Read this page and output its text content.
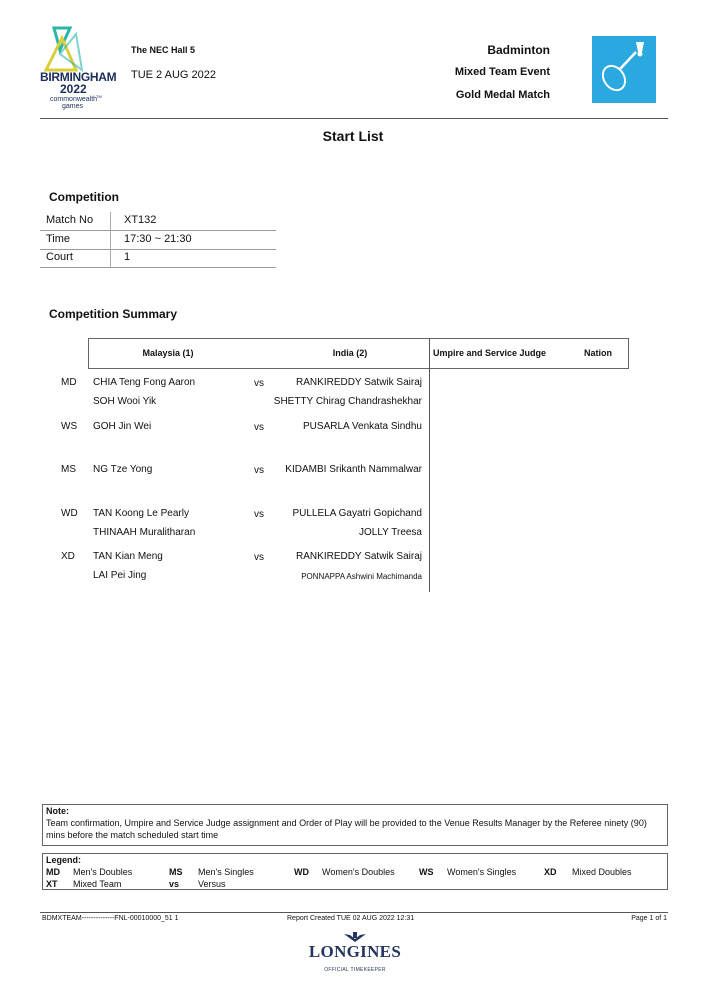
BIRMINGHAM
2022
commonwealth
games
TM
The NEC Hall 5
TUE 2 AUG 2022
Badminton
Mixed Team Event
Gold Medal Match
Start List
Competition
Match No	XT132
Time	17:30 ~ 21:30
Court	1
Competition Summary
Malaysia (1)	India (2)	Umpire and Service Judge	Nation
MD CHIA Teng Fong Aaron	vs	RANKIREDDY Satwik Sairaj
SOH Wooi Yik	SHETTY Chirag Chandrashekhar
WS GOH Jin Wei	vs	PUSARLA Venkata Sindhu
MS NG Tze Yong	vs	KIDAMBI Srikanth Nammalwar
WD TAN Koong Le Pearly	vs	PULLELA Gayatri Gopichand
THINAAH Muralitharan	JOLLY Treesa
XD TAN Kian Meng	vs	RANKIREDDY Satwik Sairaj
LAI Pei Jing	PONNAPPA Ashwini Machimanda
Note:
Team confirmation, Umpire and Service Judge assignment and Order of Play will be provided to the Venue Results Manager by the Referee ninety (90) mins before the match scheduled start time
Legend:
MD Men's Doubles	MS Men's Singles	WD Women's Doubles	WS Women's Singles	XD Mixed Doubles
XT Mixed Team	vs Versus
BDMXTEAM--------------FNL-00010000_51 1	Report Created TUE 02 AUG 2022 12:31	Page 1 of 1
LONGINES
OFFICIAL TIMEKEEPER
